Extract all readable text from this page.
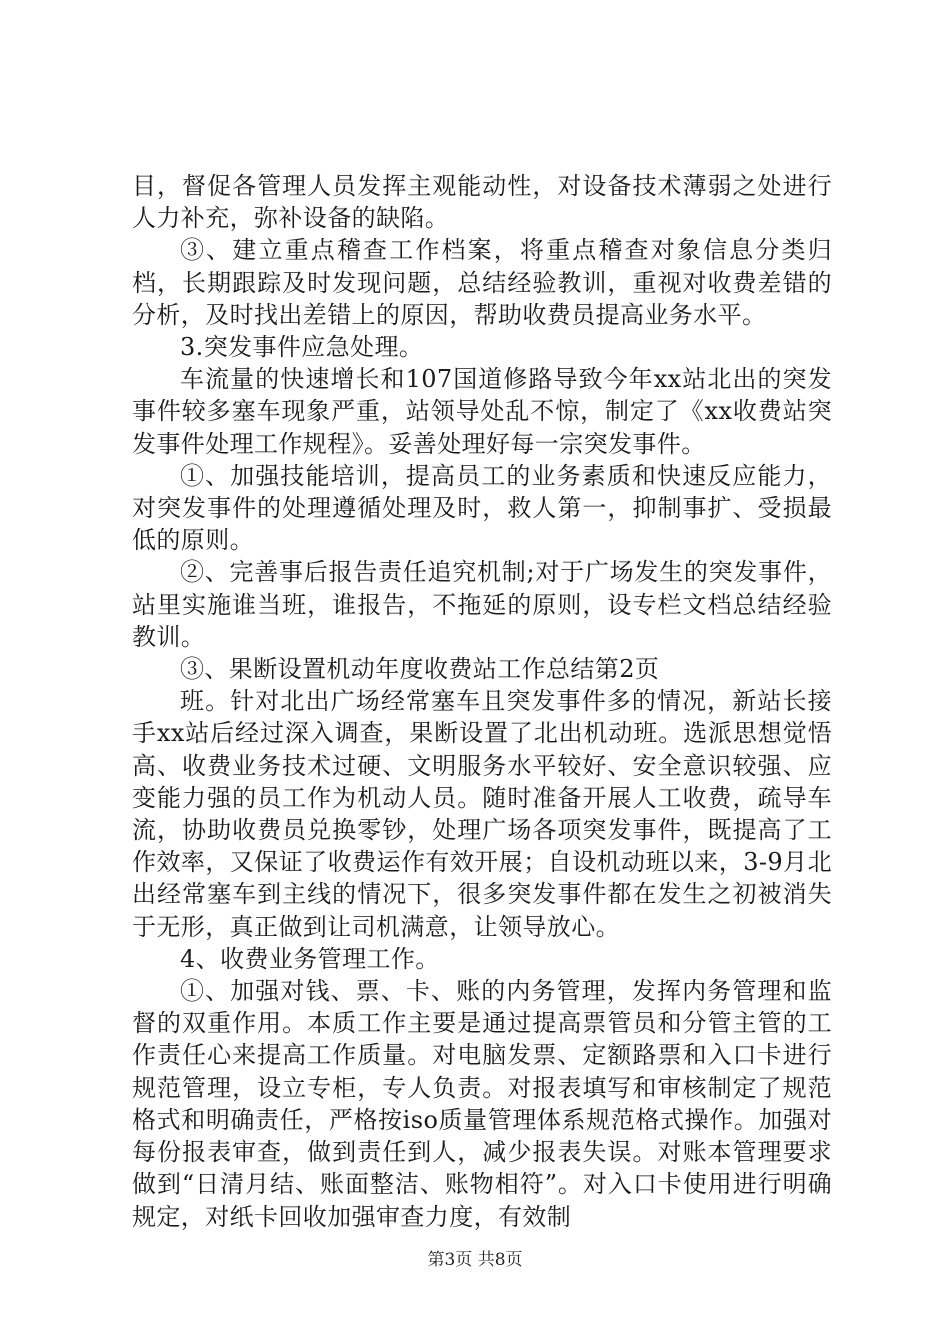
目，督促各管理人员发挥主观能动性，对设备技术薄弱之处进行人力补充，弥补设备的缺陷。

③、建立重点稽查工作档案，将重点稽查对象信息分类归档，长期跟踪及时发现问题，总结经验教训，重视对收费差错的分析，及时找出差错上的原因，帮助收费员提高业务水平。

3.突发事件应急处理。

车流量的快速增长和107国道修路导致今年xx站北出的突发事件较多塞车现象严重，站领导处乱不惊，制定了《xx收费站突发事件处理工作规程》。妥善处理好每一宗突发事件。

①、加强技能培训，提高员工的业务素质和快速反应能力，对突发事件的处理遵循处理及时，救人第一，抑制事扩、受损最低的原则。

②、完善事后报告责任追究机制;对于广场发生的突发事件，站里实施谁当班，谁报告，不拖延的原则，设专栏文档总结经验教训。

③、果断设置机动年度收费站工作总结第2页

班。针对北出广场经常塞车且突发事件多的情况，新站长接手xx站后经过深入调查，果断设置了北出机动班。选派思想觉悟高、收费业务技术过硬、文明服务水平较好、安全意识较强、应变能力强的员工作为机动人员。随时准备开展人工收费，疏导车流，协助收费员兑换零钞，处理广场各项突发事件，既提高了工作效率，又保证了收费运作有效开展；自设机动班以来，3-9月北出经常塞车到主线的情况下，很多突发事件都在发生之初被消失于无形，真正做到让司机满意，让领导放心。

4、收费业务管理工作。

①、加强对钱、票、卡、账的内务管理，发挥内务管理和监督的双重作用。本质工作主要是通过提高票管员和分管主管的工作责任心来提高工作质量。对电脑发票、定额路票和入口卡进行规范管理，设立专柜，专人负责。对报表填写和审核制定了规范格式和明确责任，严格按iso质量管理体系规范格式操作。加强对每份报表审查，做到责任到人，减少报表失误。对账本管理要求做到“日清月结、账面整洁、账物相符”。对入口卡使用进行明确规定，对纸卡回收加强审查力度，有效制

第3页 共8页
